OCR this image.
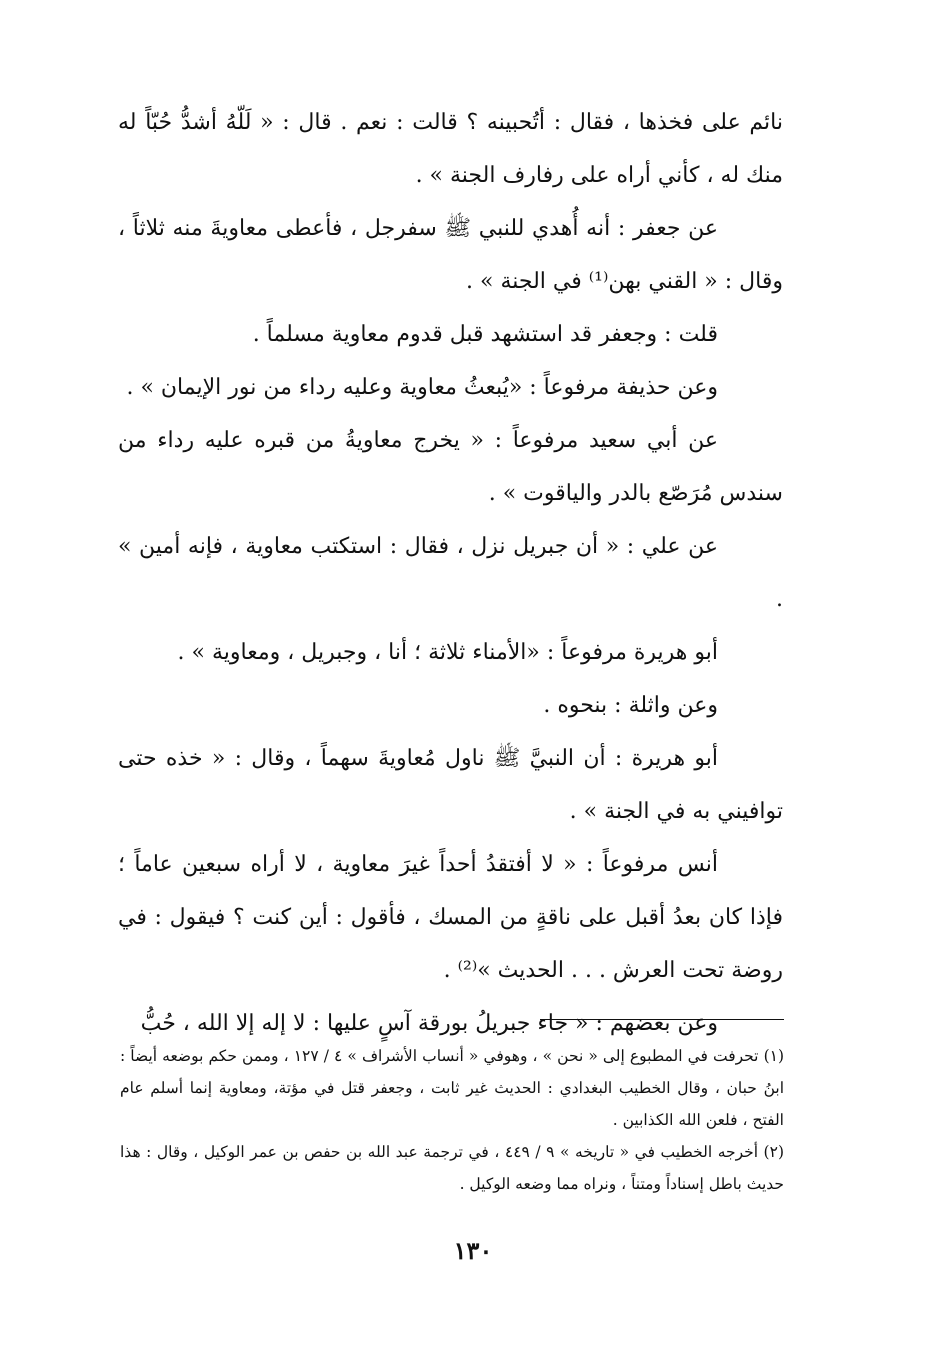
نائم على فخذها ، فقال : أتُحبينه ؟ قالت : نعم . قال : « لَلّهُ أشدُّ حُبّاً له منك له ، كأني أراه على رفارف الجنة » .

عن جعفر : أنه أُهدي للنبي ﷺ سفرجل ، فأعطى معاويةَ منه ثلاثاً ، وقال : « القني بهن⁽¹⁾ في الجنة » .

قلت : وجعفر قد استشهد قبل قدوم معاوية مسلماً .

وعن حذيفة مرفوعاً : «يُبعثُ معاوية وعليه رداء من نور الإيمان » .

عن أبي سعيد مرفوعاً : « يخرج معاويةُ من قبره عليه رداء من سندس مُرَصّع بالدر والياقوت » .

عن علي : « أن جبريل نزل ، فقال : استكتب معاوية ، فإنه أمين » .

أبو هريرة مرفوعاً : «الأمناء ثلاثة ؛ أنا ، وجبريل ، ومعاوية » .

وعن واثلة : بنحوه .

أبو هريرة : أن النبيَّ ﷺ ناول مُعاويةَ سهماً ، وقال : « خذه حتى توافيني به في الجنة » .

أنس مرفوعاً : « لا أفتقدُ أحداً غيرَ معاوية ، لا أراه سبعين عاماً ؛ فإذا كان بعدُ أقبل على ناقةٍ من المسك ، فأقول : أين كنت ؟ فيقول : في روضة تحت العرش . . . الحديث »⁽²⁾ .

وعن بعضهم : « جاء جبريلُ بورقة آسٍ عليها : لا إله إلا الله ، حُبُّ

(١) تحرفت في المطبوع إلى « نحن » ، وهوفي « أنساب الأشراف » ٤ / ١٢٧ ، وممن حكم بوضعه أيضاً : ابنُ حبان ، وقال الخطيب البغدادي : الحديث غير ثابت ، وجعفر قتل في مؤتة، ومعاوية إنما أسلم عام الفتح ، فلعن الله الكذابين .

(٢) أخرجه الخطيب في « تاريخه » ٩ / ٤٤٩ ، في ترجمة عبد الله بن حفص بن عمر الوكيل ، وقال : هذا حديث باطل إسناداً ومتناً ، ونراه مما وضعه الوكيل .

١٣٠
